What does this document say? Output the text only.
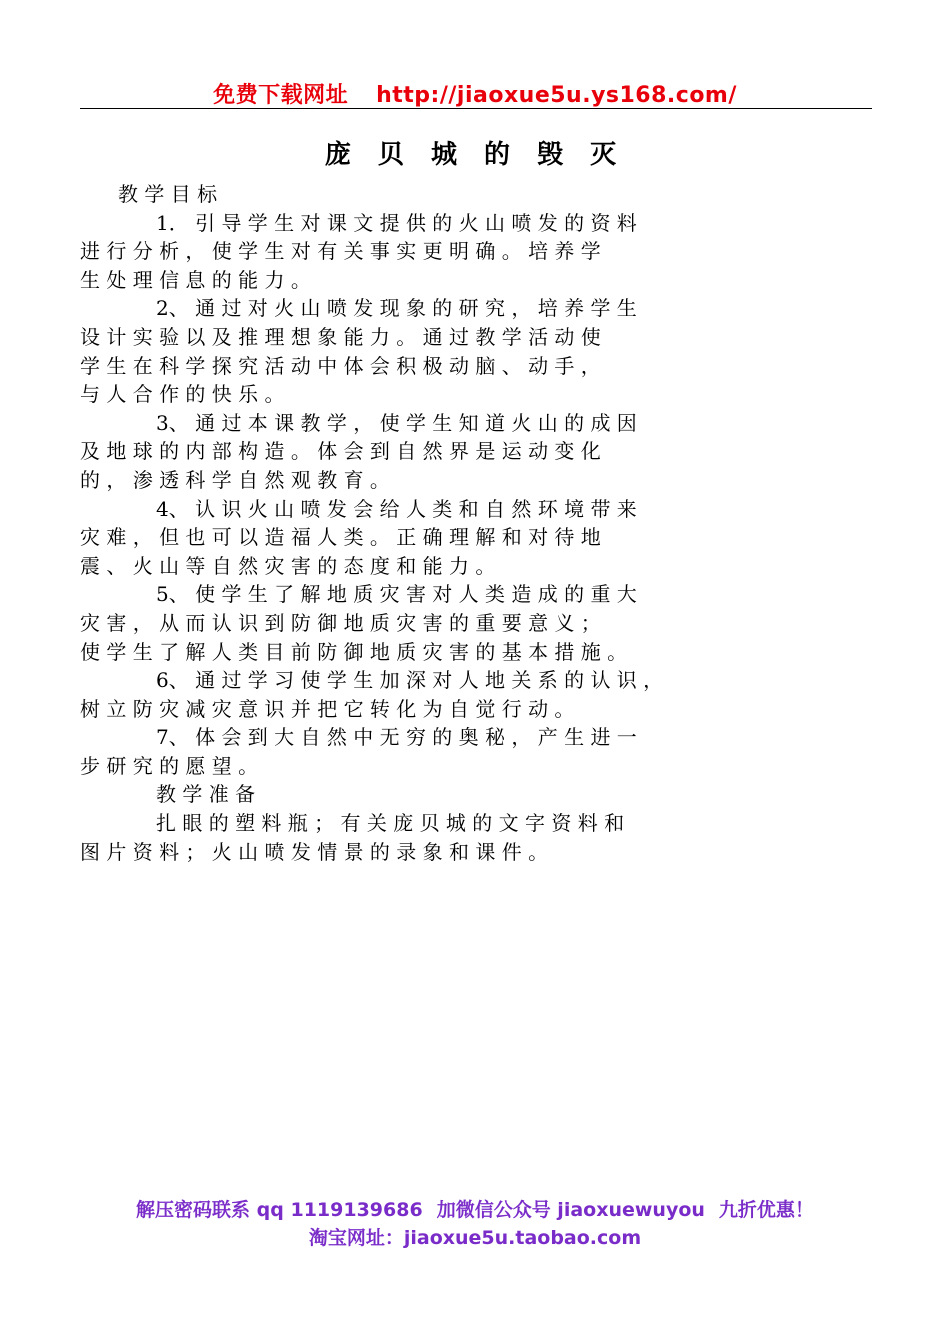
免费下载网址 http://jiaoxue5u.ys168.com/
庞 贝 城 的 毁 灭
教 学 目 标
1． 引 导 学 生 对 课 文 提 供 的 火 山 喷 发 的 资 料
进 行 分 析 ， 使 学 生 对 有 关 事 实 更 明 确 。 培 养 学
生 处 理 信 息 的 能 力 。
2、 通 过 对 火 山 喷 发 现 象 的 研 究 ， 培 养 学 生
设 计 实 验 以 及 推 理 想 象 能 力 。 通 过 教 学 活 动 使
学 生 在 科 学 探 究 活 动 中 体 会 积 极 动 脑 、 动 手 ，
与 人 合 作 的 快 乐 。
3、 通 过 本 课 教 学 ， 使 学 生 知 道 火 山 的 成 因
及 地 球 的 内 部 构 造 。 体 会 到 自 然 界 是 运 动 变 化
的 ， 渗 透 科 学 自 然 观 教 育 。
4、 认 识 火 山 喷 发 会 给 人 类 和 自 然 环 境 带 来
灾 难 ， 但 也 可 以 造 福 人 类 。 正 确 理 解 和 对 待 地
震 、 火 山 等 自 然 灾 害 的 态 度 和 能 力 。
5、 使 学 生 了 解 地 质 灾 害 对 人 类 造 成 的 重 大
灾 害 ， 从 而 认 识 到 防 御 地 质 灾 害 的 重 要 意 义 ；
使 学 生 了 解 人 类 目 前 防 御 地 质 灾 害 的 基 本 措 施 。
6、 通 过 学 习 使 学 生 加 深 对 人 地 关 系 的 认 识 ，
树 立 防 灾 减 灾 意 识 并 把 它 转 化 为 自 觉 行 动 。
7、 体 会 到 大 自 然 中 无 穷 的 奥 秘 ， 产 生 进 一
步 研 究 的 愿 望 。
教 学 准 备
扎 眼 的 塑 料 瓶 ； 有 关 庞 贝 城 的 文 字 资 料 和
图 片 资 料 ； 火 山 喷 发 情 景 的 录 象 和 课 件 。
解压密码联系 qq 1119139686 加微信公众号 jiaoxuewuyou 九折优惠！
淘宝网址：jiaoxue5u.taobao.com
